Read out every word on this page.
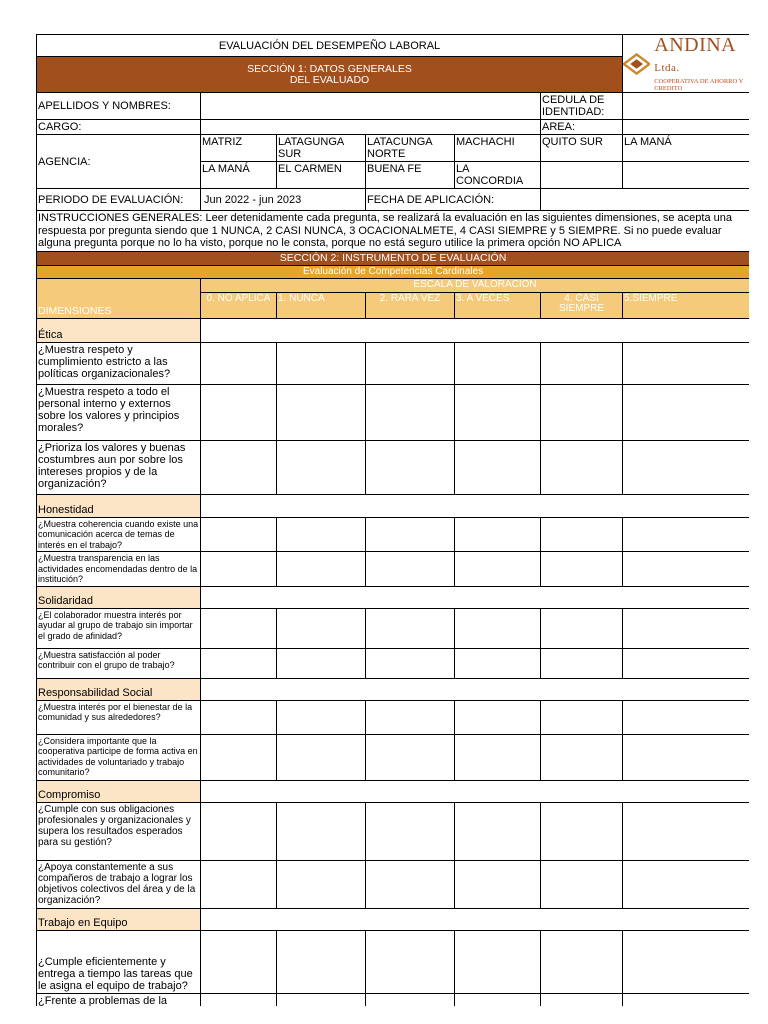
EVALUACIÓN DEL DESEMPEÑO LABORAL						ANDINA Ltda.
COOPERATIVA DE AHORRO Y CREDITO

SECCIÓN 1: DATOS GENERALES
DEL EVALUADO						

APELLIDOS Y NOMBRES:					CEDULA DE IDENTIDAD:	
CARGO:					AREA:	
AGENCIA:	MATRIZ	LATAGUNGA SUR	LATACUNGA NORTE	MACHACHI	QUITO SUR	LA MANÁ
	LA MANÁ	EL CARMEN	BUENA FE	LA CONCORDIA		
PERIODO DE EVALUACIÓN:	Jun 2022 - jun 2023		FECHA DE APLICACIÓN:			
INSTRUCCIONES GENERALES: Leer detenidamente cada pregunta, se realizará la evaluación en las siguientes dimensiones, se acepta una respuesta por pregunta siendo que 1 NUNCA, 2 CASI NUNCA, 3 OCACIONALMETE, 4 CASI SIEMPRE y 5 SIEMPRE. Si no puede evaluar alguna pregunta porque no lo ha visto, porque no le consta, porque no está seguro utilice la primera opción NO APLICA						
SECCIÓN 2: INSTRUMENTO DE EVALUACIÓN						
Evaluación de Competencias Cardinales						
DIMENSIONES	ESCALA DE VALORACIÓN					
	0. NO APLICA	1. NUNCA	2. RARA VEZ	3. A VECES	4. CASI SIEMPRE	5.SIEMPRE
Ética						
¿Muestra respeto y cumplimiento estricto a las políticas organizacionales?						
¿Muestra respeto a todo el personal interno y externos sobre los valores y principios morales?						
¿Prioriza los valores y buenas costumbres aun por sobre los intereses propios y de la organización?						
Honestidad						
¿Muestra coherencia cuando existe una comunicación acerca de temas de interés en el trabajo?						
¿Muestra transparencia en las actividades encomendadas dentro de la institución?						
Solidaridad						
¿El colaborador muestra interés por ayudar al grupo de trabajo sin importar el grado de afinidad?						
¿Muestra satisfacción al poder contribuir con el grupo de trabajo?						
Responsabilidad Social						
¿Muestra interés por el bienestar de la comunidad y sus alrededores?						
¿Considera importante que la cooperativa participe de forma activa en actividades de voluntariado y trabajo comunitario?						
Compromiso						
¿Cumple con sus obligaciones profesionales y organizacionales y supera los resultados esperados para su gestión?						
¿Apoya constantemente a sus compañeros de trabajo a lograr los objetivos colectivos del área y de la organización?						
Trabajo en Equipo						
¿Cumple eficientemente y entrega a tiempo las tareas que le asigna el equipo de trabajo?						
¿Frente a problemas de la						
